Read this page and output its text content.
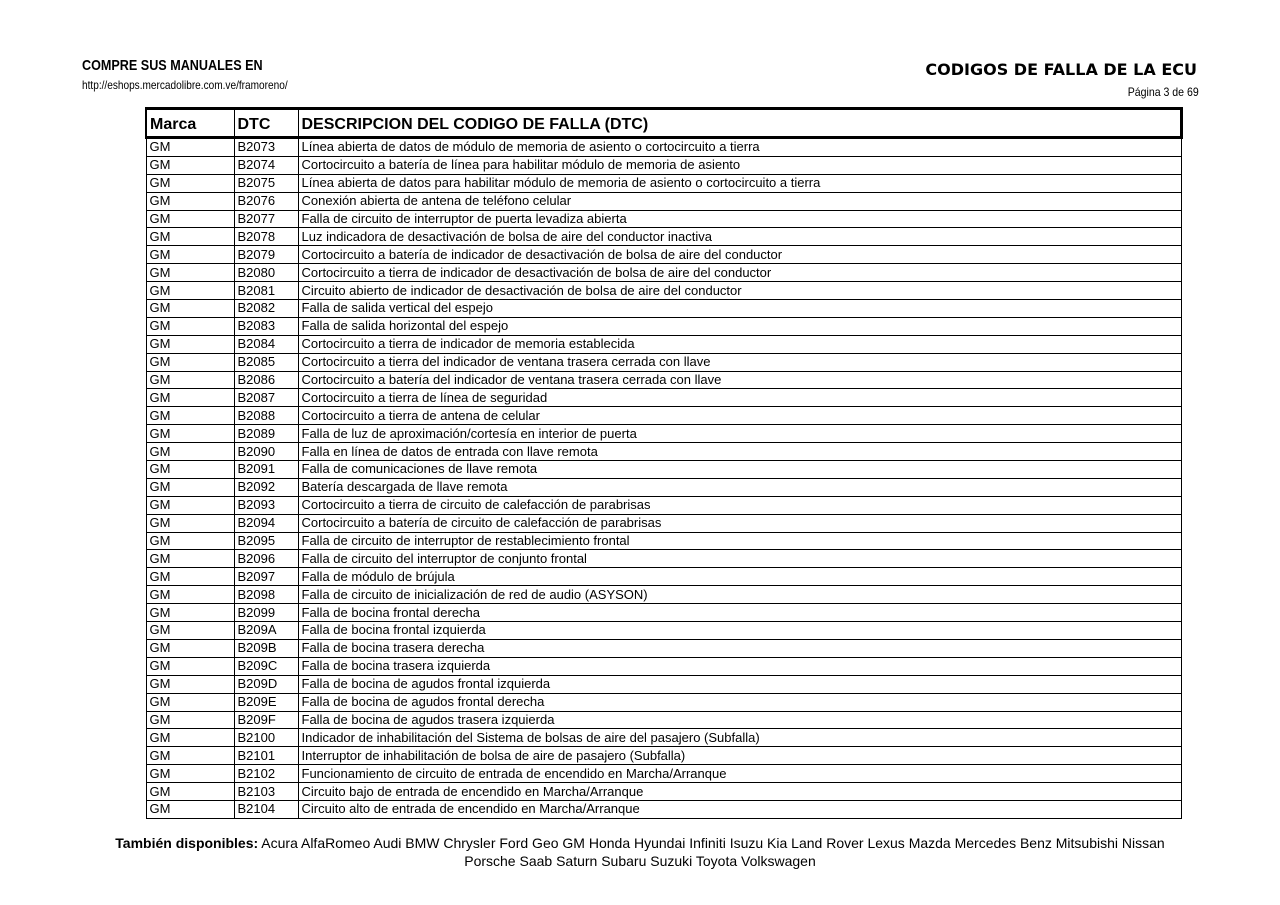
COMPRE SUS MANUALES EN
http://eshops.mercadolibre.com.ve/framoreno/
CODIGOS DE FALLA DE LA ECU
Página 3 de 69
Marca	DTC	DESCRIPCION DEL CODIGO DE FALLA (DTC)
GM	B2073	Línea abierta de datos de módulo de memoria de asiento o cortocircuito a tierra
GM	B2074	Cortocircuito a batería de línea para habilitar módulo de memoria de asiento
GM	B2075	Línea abierta de datos para habilitar módulo de memoria de asiento o cortocircuito a tierra
GM	B2076	Conexión abierta de antena de teléfono celular
GM	B2077	Falla de circuito de interruptor de puerta levadiza abierta
GM	B2078	Luz indicadora de desactivación de bolsa de aire del conductor inactiva
GM	B2079	Cortocircuito a batería de indicador de desactivación de bolsa de aire del conductor
GM	B2080	Cortocircuito a tierra de indicador de desactivación de bolsa de aire del conductor
GM	B2081	Circuito abierto de indicador de desactivación de bolsa de aire del conductor
GM	B2082	Falla de salida vertical del espejo
GM	B2083	Falla de salida horizontal del espejo
GM	B2084	Cortocircuito a tierra de indicador de memoria establecida
GM	B2085	Cortocircuito a tierra del indicador de ventana trasera cerrada con llave
GM	B2086	Cortocircuito a batería del indicador de ventana trasera cerrada con llave
GM	B2087	Cortocircuito a tierra de línea de seguridad
GM	B2088	Cortocircuito a tierra de antena de celular
GM	B2089	Falla de luz de aproximación/cortesía en interior de puerta
GM	B2090	Falla en línea de datos de entrada con llave remota
GM	B2091	Falla de comunicaciones de llave remota
GM	B2092	Batería descargada de llave remota
GM	B2093	Cortocircuito a tierra de circuito de calefacción de parabrisas
GM	B2094	Cortocircuito a batería de circuito de calefacción de parabrisas
GM	B2095	Falla de circuito de interruptor de restablecimiento frontal
GM	B2096	Falla de circuito del interruptor de conjunto frontal
GM	B2097	Falla de módulo de brújula
GM	B2098	Falla de circuito de inicialización de red de audio (ASYSON)
GM	B2099	Falla de bocina frontal derecha
GM	B209A	Falla de bocina frontal izquierda
GM	B209B	Falla de bocina trasera derecha
GM	B209C	Falla de bocina trasera izquierda
GM	B209D	Falla de bocina de agudos frontal izquierda
GM	B209E	Falla de bocina de agudos frontal derecha
GM	B209F	Falla de bocina de agudos trasera izquierda
GM	B2100	Indicador de inhabilitación del Sistema de bolsas de aire del pasajero (Subfalla)
GM	B2101	Interruptor de inhabilitación de bolsa de aire de pasajero (Subfalla)
GM	B2102	Funcionamiento de circuito de entrada de encendido en Marcha/Arranque
GM	B2103	Circuito bajo de entrada de encendido en Marcha/Arranque
GM	B2104	Circuito alto de entrada de encendido en Marcha/Arranque
También disponibles: Acura AlfaRomeo Audi BMW Chrysler Ford Geo GM Honda Hyundai Infiniti Isuzu Kia Land Rover Lexus Mazda Mercedes Benz Mitsubishi Nissan
Porsche Saab Saturn Subaru Suzuki Toyota Volkswagen
